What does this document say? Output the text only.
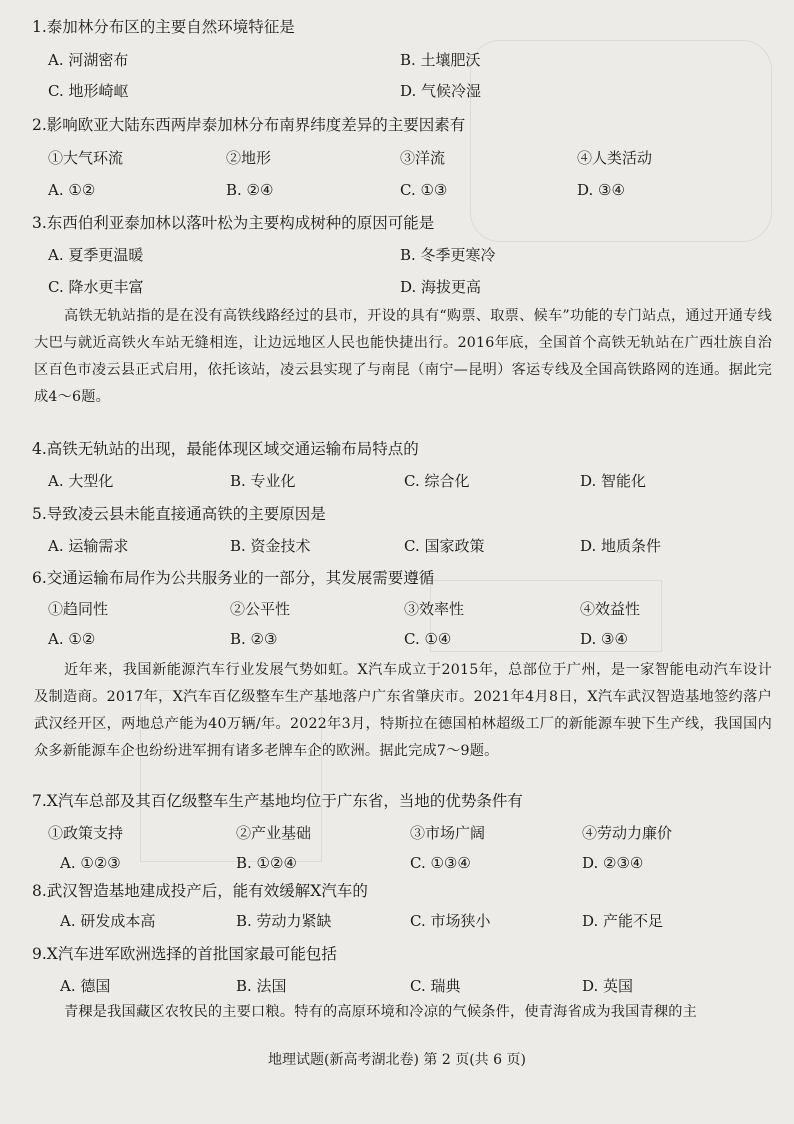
1.泰加林分布区的主要自然环境特征是
A. 河湖密布	B. 土壤肥沃
C. 地形崎岖	D. 气候冷湿
2.影响欧亚大陆东西两岸泰加林分布南界纬度差异的主要因素有
①大气环流	②地形	③洋流	④人类活动
A. ①②	B. ②④	C. ①③	D. ③④
3.东西伯利亚泰加林以落叶松为主要构成树种的原因可能是
A. 夏季更温暖	B. 冬季更寒冷
C. 降水更丰富	D. 海拔更高
高铁无轨站指的是在没有高铁线路经过的县市，开设的具有“购票、取票、候车”功能的专门站点，通过开通专线大巴与就近高铁火车站无缝相连，让边远地区人民也能快捷出行。2016年底，全国首个高铁无轨站在广西壮族自治区百色市凌云县正式启用，依托该站，凌云县实现了与南昆（南宁—昆明）客运专线及全国高铁路网的连通。据此完成4～6题。
4.高铁无轨站的出现，最能体现区域交通运输布局特点的
A. 大型化	B. 专业化	C. 综合化	D. 智能化
5.导致凌云县未能直接通高铁的主要原因是
A. 运输需求	B. 资金技术	C. 国家政策	D. 地质条件
6.交通运输布局作为公共服务业的一部分，其发展需要遵循
①趋同性	②公平性	③效率性	④效益性
A. ①②	B. ②③	C. ①④	D. ③④
近年来，我国新能源汽车行业发展气势如虹。X汽车成立于2015年，总部位于广州，是一家智能电动汽车设计及制造商。2017年，X汽车百亿级整车生产基地落户广东省肇庆市。2021年4月8日，X汽车武汉智造基地签约落户武汉经开区，两地总产能为40万辆/年。2022年3月，特斯拉在德国柏林超级工厂的新能源车驶下生产线，我国国内众多新能源车企也纷纷进军拥有诸多老牌车企的欧洲。据此完成7～9题。
7.X汽车总部及其百亿级整车生产基地均位于广东省，当地的优势条件有
①政策支持	②产业基础	③市场广阔	④劳动力廉价
A. ①②③	B. ①②④	C. ①③④	D. ②③④
8.武汉智造基地建成投产后，能有效缓解X汽车的
A. 研发成本高	B. 劳动力紧缺	C. 市场狭小	D. 产能不足
9.X汽车进军欧洲选择的首批国家最可能包括
A. 德国	B. 法国	C. 瑞典	D. 英国
青稞是我国藏区农牧民的主要口粮。特有的高原环境和冷凉的气候条件，使青海省成为我国青稞的主
地理试题(新高考湖北卷) 第 2 页(共 6 页)
